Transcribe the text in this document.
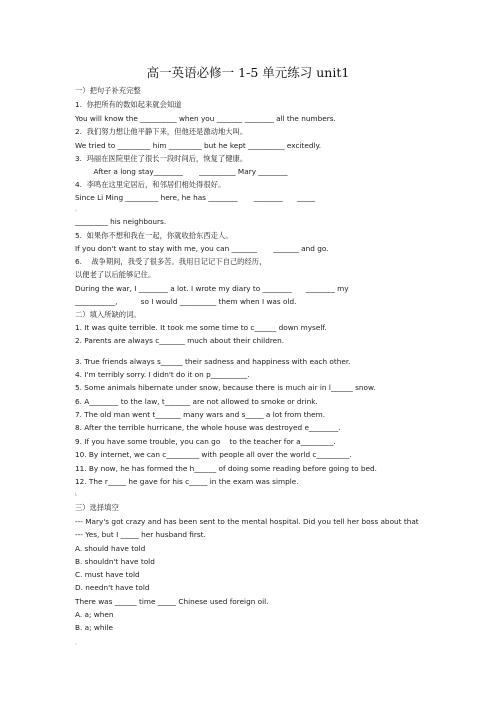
高一英语必修一 1-5 单元练习 unit1
一）把句子补充完整
1.  你把所有的数如起来就会知道
You will know the __________ when you _______ ________ all the numbers.
2.  我们努力想让他平静下来，但他还是激动地大叫。
We tried to _________ him _________ but he kept __________ excitedly.
3.  玛丽在医院里住了很长一段时间后，恢复了健康。
After a long stay________       __________ Mary ________
4.  李鸣在这里定居后，和邻居们相处得很好。
Since Li Ming _________ here, he has ________       ________      _____
。
_________ his neighbours.
5.  如果你不想和我在一起，你就收拾东西走人。
If you don't want to stay with me, you can _______       _______ and go.
6.    战争期间，我受了很多苦。我用日记记下自己的经历，
以便老了以后能够记住。
During the war, I ________ a lot. I wrote my diary to ________      ________ my
___________,          so I would __________ them when I was old.
二）填入所缺的词。
1. It was quite terrible. It took me some time to c______ down myself.
2. Parents are always c_______ much about their children.
3. True friends always s______ their sadness and happiness with each other.
4. I'm terribly sorry. I didn't do it on p__________.
5. Some animals hibernate under snow, because there is much air in l______ snow.
6. A________ to the law, t_______ are not allowed to smoke or drink.
7. The old man went t_______ many wars and s_____ a lot from them.
8. After the terrible hurricane, the whole house was destroyed e________.
9. If you have some trouble, you can go    to the teacher for a_________.
10. By internet, we can c_________ with people all over the world c_________.
11. By now, he has formed the h______ of doing some reading before going to bed.
12. The r_____ he gave for his c_____ in the exam was simple.
ι
三）选择填空
--- Mary's got crazy and has been sent to the mental hospital. Did you tell her boss about that
--- Yes, but I _____ her husband first.
A. should have told
B. shouldn't have told
C. must have told
D. needn't have told
There was ______ time _____ Chinese used foreign oil.
A. a; when
B. a; while
、
